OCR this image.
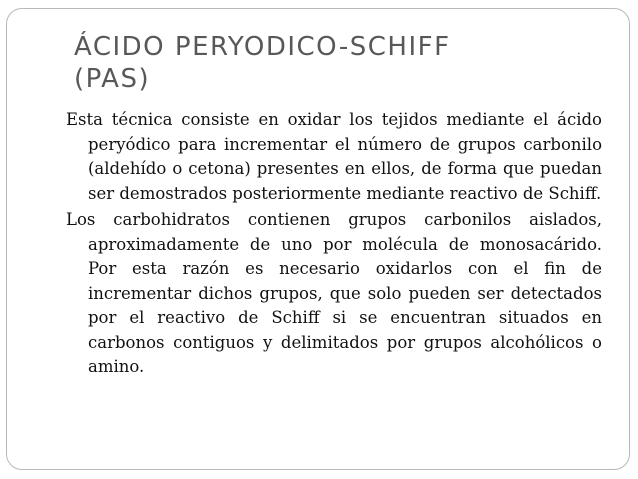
ÁCIDO PERYODICO-SCHIFF
(PAS)

Esta técnica consiste en oxidar los tejidos mediante el ácido peryódico para incrementar el número de grupos carbonilo (aldehído o cetona) presentes en ellos, de forma que puedan ser demostrados posteriormente mediante reactivo de Schiff.

Los carbohidratos contienen grupos carbonilos aislados, aproximadamente de uno por molécula de monosacárido. Por esta razón es necesario oxidarlos con el fin de incrementar dichos grupos, que solo pueden ser detectados por el reactivo de Schiff si se encuentran situados en carbonos contiguos y delimitados por grupos alcohólicos o amino.
